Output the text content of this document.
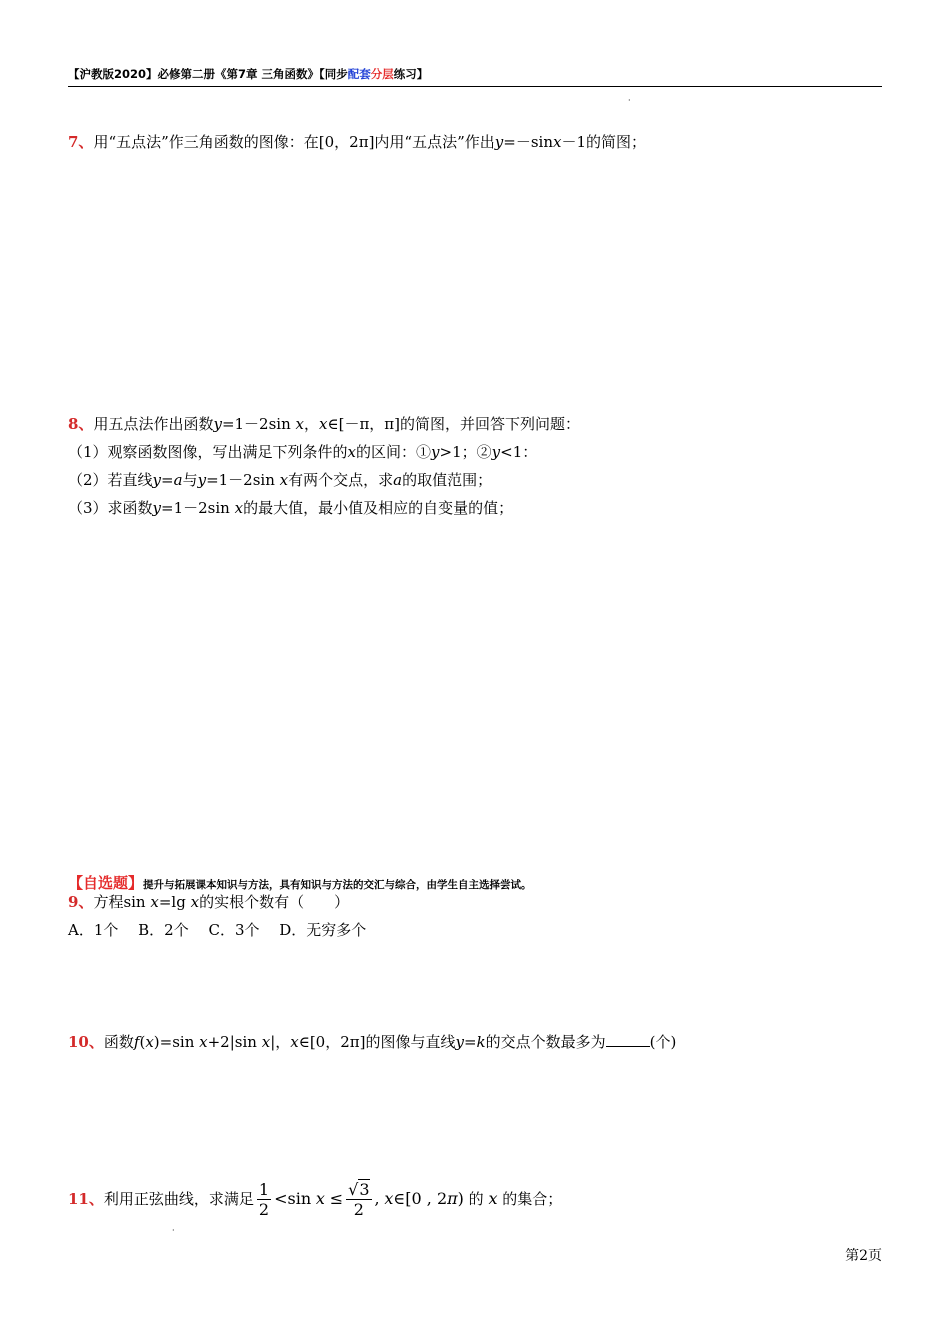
【沪教版2020】必修第二册《第7章 三角函数》【同步配套分层练习】
·
7、用“五点法”作三角函数的图像：在[0，2π]内用“五点法”作出y=－sinx－1的简图；
8、用五点法作出函数y=1－2sin x，x∈[－π，π]的简图，并回答下列问题：
（1）观察函数图像，写出满足下列条件的x的区间：①y>1；②y<1：
（2）若直线y=a与y=1－2sin x有两个交点，求a的取值范围；
（3）求函数y=1－2sin x的最大值，最小值及相应的自变量的值；
【自选题】提升与拓展课本知识与方法，具有知识与方法的交汇与综合，由学生自主选择尝试。
9、方程sin x=lg x的实根个数有（　　）
A．1个　 B．2个　 C．3个　 D．无穷多个
10、函数f(x)=sin x+2|sin x|，x∈[0，2π]的图像与直线y=k的交点个数最多为	(个)
11、利用正弦曲线，求满足 $\frac{1}{2} <\sin$ $x \le \frac{√3}{2}$ , x∈[0 , 2π) 的 x 的集合；
·
第2页
